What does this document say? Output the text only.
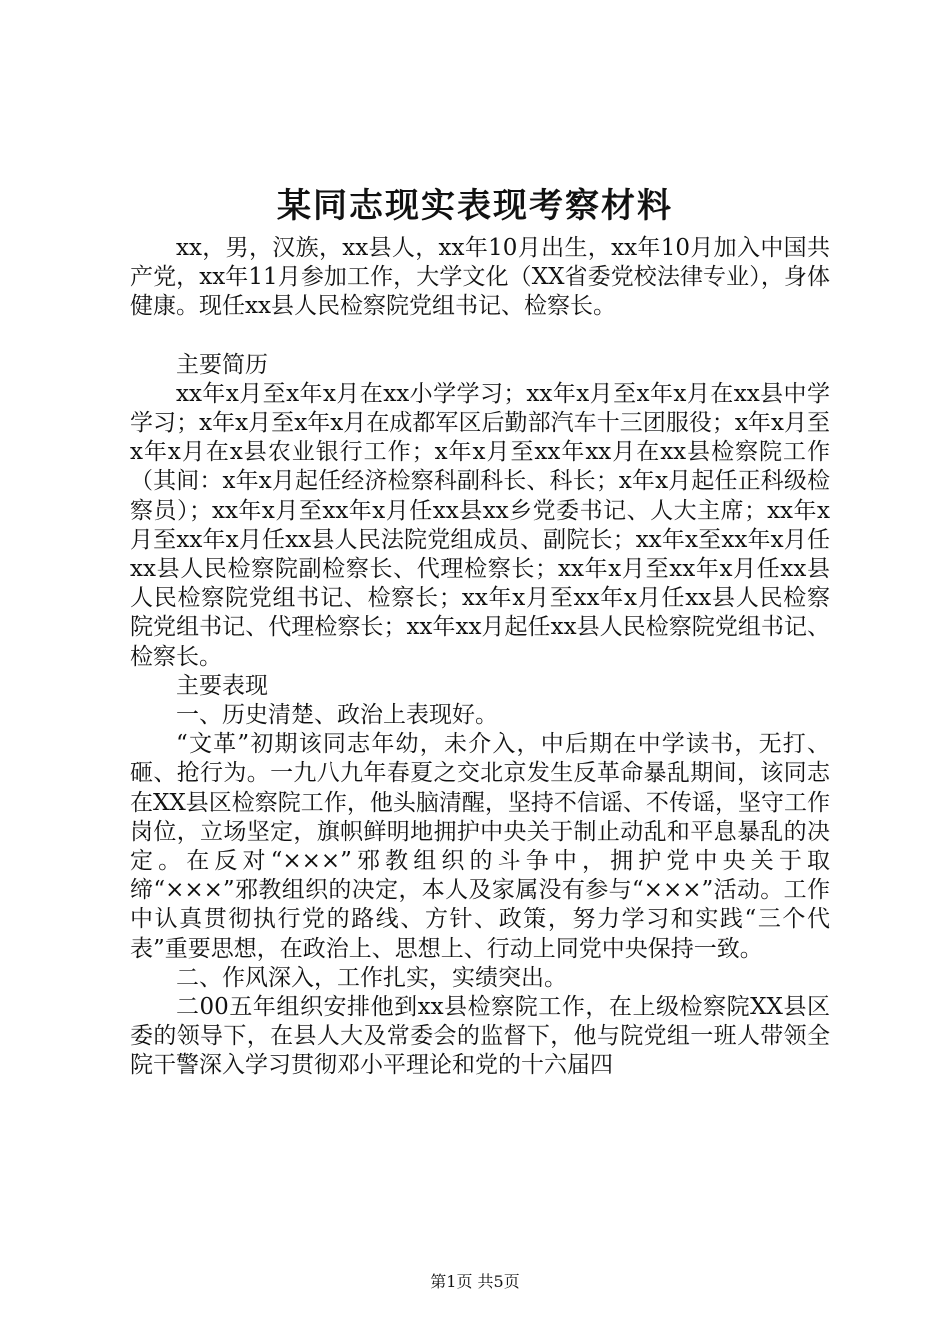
某同志现实表现考察材料

xx，男，汉族，xx县人，xx年10月出生，xx年10月加入中国共产党，xx年11月参加工作，大学文化（XX省委党校法律专业），身体健康。现任xx县人民检察院党组书记、检察长。

主要简历

xx年x月至x年x月在xx小学学习；xx年x月至x年x月在xx县中学学习；x年x月至x年x月在成都军区后勤部汽车十三团服役；x年x月至x年x月在x县农业银行工作；x年x月至xx年xx月在xx县检察院工作（其间：x年x月起任经济检察科副科长、科长；x年x月起任正科级检察员）；xx年x月至xx年x月任xx县xx乡党委书记、人大主席；xx年x月至xx年x月任xx县人民法院党组成员、副院长；xx年x至xx年x月任xx县人民检察院副检察长、代理检察长；xx年x月至xx年x月任xx县人民检察院党组书记、检察长；xx年x月至xx年x月任xx县人民检察院党组书记、代理检察长；xx年xx月起任xx县人民检察院党组书记、检察长。

主要表现

一、历史清楚、政治上表现好。

“文革”初期该同志年幼，未介入，中后期在中学读书，无打、砸、抢行为。一九八九年春夏之交北京发生反革命暴乱期间，该同志在XX县区检察院工作，他头脑清醒，坚持不信谣、不传谣，坚守工作岗位，立场坚定，旗帜鲜明地拥护中央关于制止动乱和平息暴乱的决定。在反对“×××”邪教组织的斗争中，拥护党中央关于取缔“×××”邪教组织的决定，本人及家属没有参与“×××”活动。工作中认真贯彻执行党的路线、方针、政策，努力学习和实践“三个代表”重要思想，在政治上、思想上、行动上同党中央保持一致。

二、作风深入，工作扎实，实绩突出。

二00五年组织安排他到xx县检察院工作，在上级检察院XX县区委的领导下，在县人大及常委会的监督下，他与院党组一班人带领全院干警深入学习贯彻邓小平理论和党的十六届四

第1页 共5页
